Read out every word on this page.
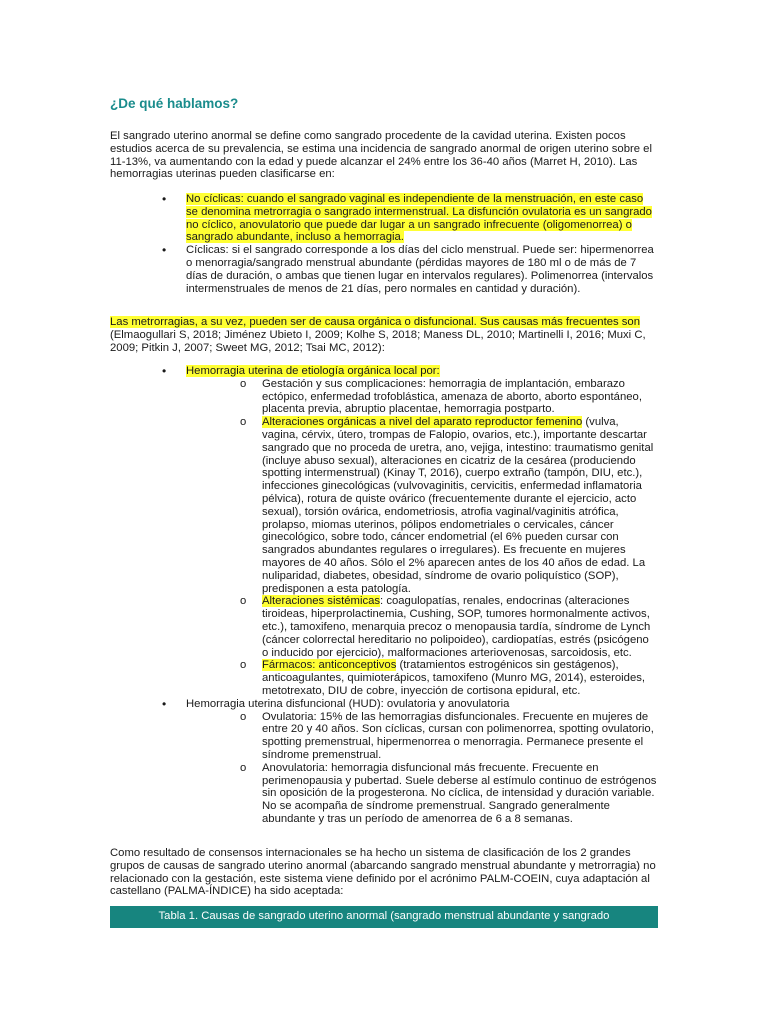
¿De qué hablamos?

El sangrado uterino anormal se define como sangrado procedente de la cavidad uterina. Existen pocos estudios acerca de su prevalencia, se estima una incidencia de sangrado anormal de origen uterino sobre el 11-13%, va aumentando con la edad y puede alcanzar el 24% entre los 36-40 años (Marret H, 2010). Las hemorragias uterinas pueden clasificarse en:

• No cíclicas: cuando el sangrado vaginal es independiente de la menstruación, en este caso se denomina metrorragia o sangrado intermenstrual. La disfunción ovulatoria es un sangrado no cíclico, anovulatorio que puede dar lugar a un sangrado infrecuente (oligomenorrea) o sangrado abundante, incluso a hemorragia.
• Cíclicas: si el sangrado corresponde a los días del ciclo menstrual. Puede ser: hipermenorrea o menorragia/sangrado menstrual abundante (pérdidas mayores de 180 ml o de más de 7 días de duración, o ambas que tienen lugar en intervalos regulares). Polimenorrea (intervalos intermenstruales de menos de 21 días, pero normales en cantidad y duración).

Las metrorragias, a su vez, pueden ser de causa orgánica o disfuncional. Sus causas más frecuentes son (Elmaogullari S, 2018; Jiménez Ubieto I, 2009; Kolhe S, 2018; Maness DL, 2010; Martinelli I, 2016; Muxi C, 2009; Pitkin J, 2007; Sweet MG, 2012; Tsai MC, 2012):

• Hemorragia uterina de etiología orgánica local por:
o Gestación y sus complicaciones: hemorragia de implantación, embarazo ectópico, enfermedad trofoblástica, amenaza de aborto, aborto espontáneo, placenta previa, abruptio placentae, hemorragia postparto.
o Alteraciones orgánicas a nivel del aparato reproductor femenino (vulva, vagina, cérvix, útero, trompas de Falopio, ovarios, etc.), importante descartar sangrado que no proceda de uretra, ano, vejiga, intestino: traumatismo genital (incluye abuso sexual), alteraciones en cicatriz de la cesárea (produciendo spotting intermenstrual) (Kinay T, 2016), cuerpo extraño (tampón, DIU, etc.), infecciones ginecológicas (vulvovaginitis, cervicitis, enfermedad inflamatoria pélvica), rotura de quiste ovárico (frecuentemente durante el ejercicio, acto sexual), torsión ovárica, endometriosis, atrofia vaginal/vaginitis atrófica, prolapso, miomas uterinos, pólipos endometriales o cervicales, cáncer ginecológico, sobre todo, cáncer endometrial (el 6% pueden cursar con sangrados abundantes regulares o irregulares). Es frecuente en mujeres mayores de 40 años. Sólo el 2% aparecen antes de los 40 años de edad. La nuliparidad, diabetes, obesidad, síndrome de ovario poliquístico (SOP), predisponen a esta patología.
o Alteraciones sistémicas: coagulopatías, renales, endocrinas (alteraciones tiroideas, hiperprolactinemia, Cushing, SOP, tumores hormonalmente activos, etc.), tamoxifeno, menarquia precoz o menopausia tardía, síndrome de Lynch (cáncer colorrectal hereditario no polipoideo), cardiopatías, estrés (psicógeno o inducido por ejercicio), malformaciones arteriovenosas, sarcoidosis, etc.
o Fármacos: anticonceptivos (tratamientos estrogénicos sin gestágenos), anticoagulantes, quimioterápicos, tamoxifeno (Munro MG, 2014), esteroides, metotrexato, DIU de cobre, inyección de cortisona epidural, etc.
• Hemorragia uterina disfuncional (HUD): ovulatoria y anovulatoria
o Ovulatoria: 15% de las hemorragias disfuncionales. Frecuente en mujeres de entre 20 y 40 años. Son cíclicas, cursan con polimenorrea, spotting ovulatorio, spotting premenstrual, hipermenorrea o menorragia. Permanece presente el síndrome premenstrual.
o Anovulatoria: hemorragia disfuncional más frecuente. Frecuente en perimenopausia y pubertad. Suele deberse al estímulo continuo de estrógenos sin oposición de la progesterona. No cíclica, de intensidad y duración variable. No se acompaña de síndrome premenstrual. Sangrado generalmente abundante y tras un período de amenorrea de 6 a 8 semanas.

Como resultado de consensos internacionales se ha hecho un sistema de clasificación de los 2 grandes grupos de causas de sangrado uterino anormal (abarcando sangrado menstrual abundante y metrorragia) no relacionado con la gestación, este sistema viene definido por el acrónimo PALM-COEIN, cuya adaptación al castellano (PALMA-ÍNDICE) ha sido aceptada:

Tabla 1. Causas de sangrado uterino anormal (sangrado menstrual abundante y sangrado
